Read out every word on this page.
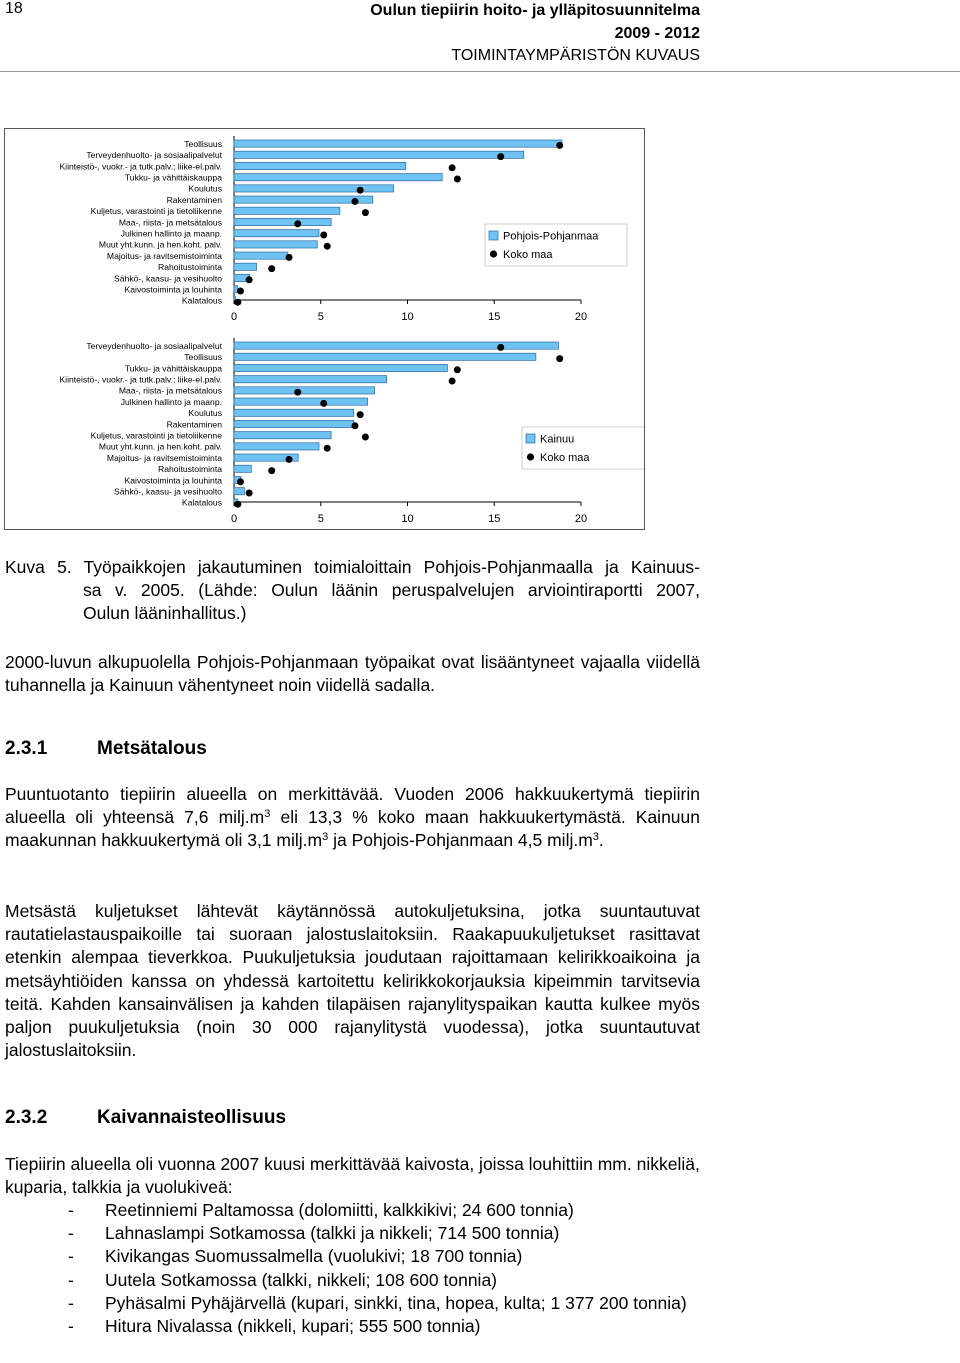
18	Oulun tiepiirin hoito- ja ylläpitosuunnitelma
2009 - 2012
TOIMINTAYMPÄRISTÖN KUVAUS
Teollisuus
Terveydenhuolto- ja sosiaalipalvelut
Kiinteistö-, vuokr.- ja tutk.palv.; liike-el.palv.
Tukku- ja vähittäiskauppa
Koulutus
Rakentaminen
Kuljetus, varastointi ja tietoliikenne
Maa-, riista- ja metsätalous
Julkinen hallinto ja maanp.
Muut yht.kunn. ja hen.koht. palv.
Majoitus- ja ravitsemistoiminta
Rahoitustoiminta
Sähkö-, kaasu- ja vesihuolto
Kaivostoiminta ja louhinta
Kalatalous
0	5	10	15	20
Pohjois-Pohjanmaa
Koko maa
Terveydenhuolto- ja sosiaalipalvelut
Teollisuus
Tukku- ja vähittäiskauppa
Kiinteistö-, vuokr.- ja tutk.palv.; liike-el.palv.
Maa-, riista- ja metsätalous
Julkinen hallinto ja maanp.
Koulutus
Rakentaminen
Kuljetus, varastointi ja tietoliikenne
Muut yht.kunn. ja hen.koht. palv.
Majoitus- ja ravitsemistoiminta
Rahoitustoiminta
Kaivostoiminta ja louhinta
Sähkö-, kaasu- ja vesihuolto
Kalatalous
0	5	10	15	20
Kainuu
Koko maa
Kuva 5. Työpaikkojen jakautuminen toimialoittain Pohjois-Pohjanmaalla ja Kainuus-
sa v. 2005. (Lähde: Oulun läänin peruspalvelujen arviointiraportti 2007,
Oulun lääninhallitus.)
2000-luvun alkupuolella Pohjois-Pohjanmaan työpaikat ovat lisääntyneet vajaalla viidellä tuhannella ja Kainuun vähentyneet noin viidellä sadalla.
2.3.1	Metsätalous
Puuntuotanto tiepiirin alueella on merkittävää. Vuoden 2006 hakkuukertymä tiepiirin alueella oli yhteensä 7,6 $milj.m^3$ eli 13,3 % koko maan hakkuukertymästä. Kainuun maakunnan hakkuukertymä oli 3,1 $milj.m^3$ ja Pohjois-Pohjanmaan 4,5 $milj.m^3$.
Metsästä kuljetukset lähtevät käytännössä autokuljetuksina, jotka suuntautuvat rautatielastauspaikoille tai suoraan jalostuslaitoksiin. Raakapuukuljetukset rasittavat etenkin alempaa tieverkkoa. Puukuljetuksia joudutaan rajoittamaan kelirikkoaikoina ja metsäyhtiöiden kanssa on yhdessä kartoitettu kelirikkokorjauksia kipeimmin tarvitsevia teitä. Kahden kansainvälisen ja kahden tilapäisen rajanylityspaikan kautta kulkee myös paljon puukuljetuksia (noin 30 000 rajanylitystä vuodessa), jotka suuntautuvat jalostuslaitoksiin.
2.3.2	Kaivannaisteollisuus
Tiepiirin alueella oli vuonna 2007 kuusi merkittävää kaivosta, joissa louhittiin mm. nikkeliä, kuparia, talkkia ja vuolukiveä:
- Reetinniemi Paltamossa (dolomiitti, kalkkikivi; 24 600 tonnia)
- Lahnaslampi Sotkamossa (talkki ja nikkeli; 714 500 tonnia)
- Kivikangas Suomussalmella (vuolukivi; 18 700 tonnia)
- Uutela Sotkamossa (talkki, nikkeli; 108 600 tonnia)
- Pyhäsalmi Pyhäjärvellä (kupari, sinkki, tina, hopea, kulta; 1 377 200 tonnia)
- Hitura Nivalassa (nikkeli, kupari; 555 500 tonnia)
